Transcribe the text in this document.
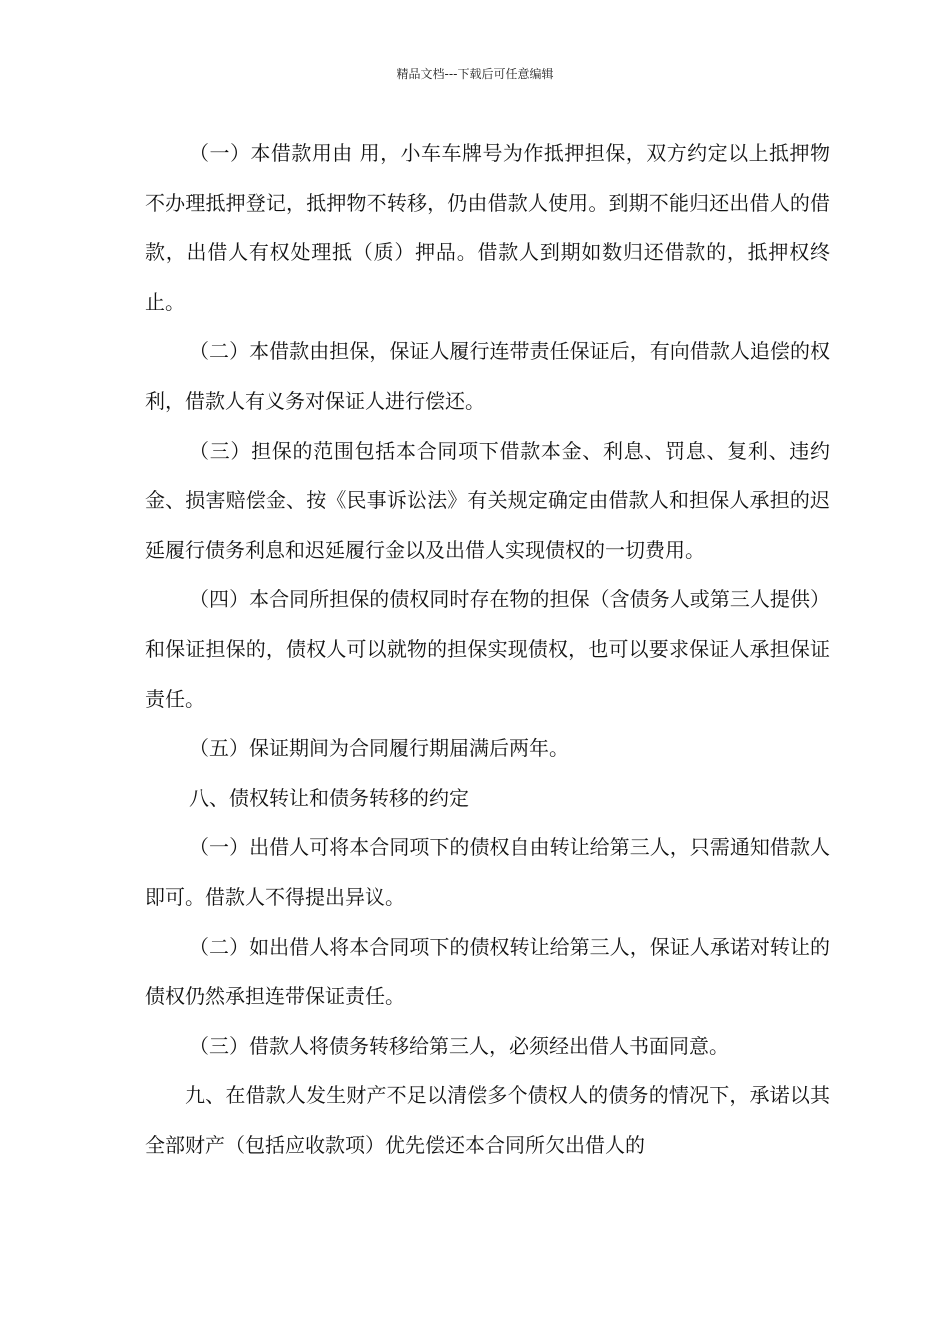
精品文档---下载后可任意编辑

（一）本借款用由 用，小车车牌号为作抵押担保，双方约定以上抵押物不办理抵押登记，抵押物不转移，仍由借款人使用。到期不能归还出借人的借款，出借人有权处理抵（质）押品。借款人到期如数归还借款的，抵押权终止。

（二）本借款由担保，保证人履行连带责任保证后，有向借款人追偿的权利，借款人有义务对保证人进行偿还。

（三）担保的范围包括本合同项下借款本金、利息、罚息、复利、违约金、损害赔偿金、按《民事诉讼法》有关规定确定由借款人和担保人承担的迟延履行债务利息和迟延履行金以及出借人实现债权的一切费用。

（四）本合同所担保的债权同时存在物的担保（含债务人或第三人提供）和保证担保的，债权人可以就物的担保实现债权，也可以要求保证人承担保证责任。

（五）保证期间为合同履行期届满后两年。

八、债权转让和债务转移的约定

（一）出借人可将本合同项下的债权自由转让给第三人，只需通知借款人即可。借款人不得提出异议。

（二）如出借人将本合同项下的债权转让给第三人，保证人承诺对转让的债权仍然承担连带保证责任。

（三）借款人将债务转移给第三人，必须经出借人书面同意。

九、在借款人发生财产不足以清偿多个债权人的债务的情况下，承诺以其全部财产（包括应收款项）优先偿还本合同所欠出借人的
